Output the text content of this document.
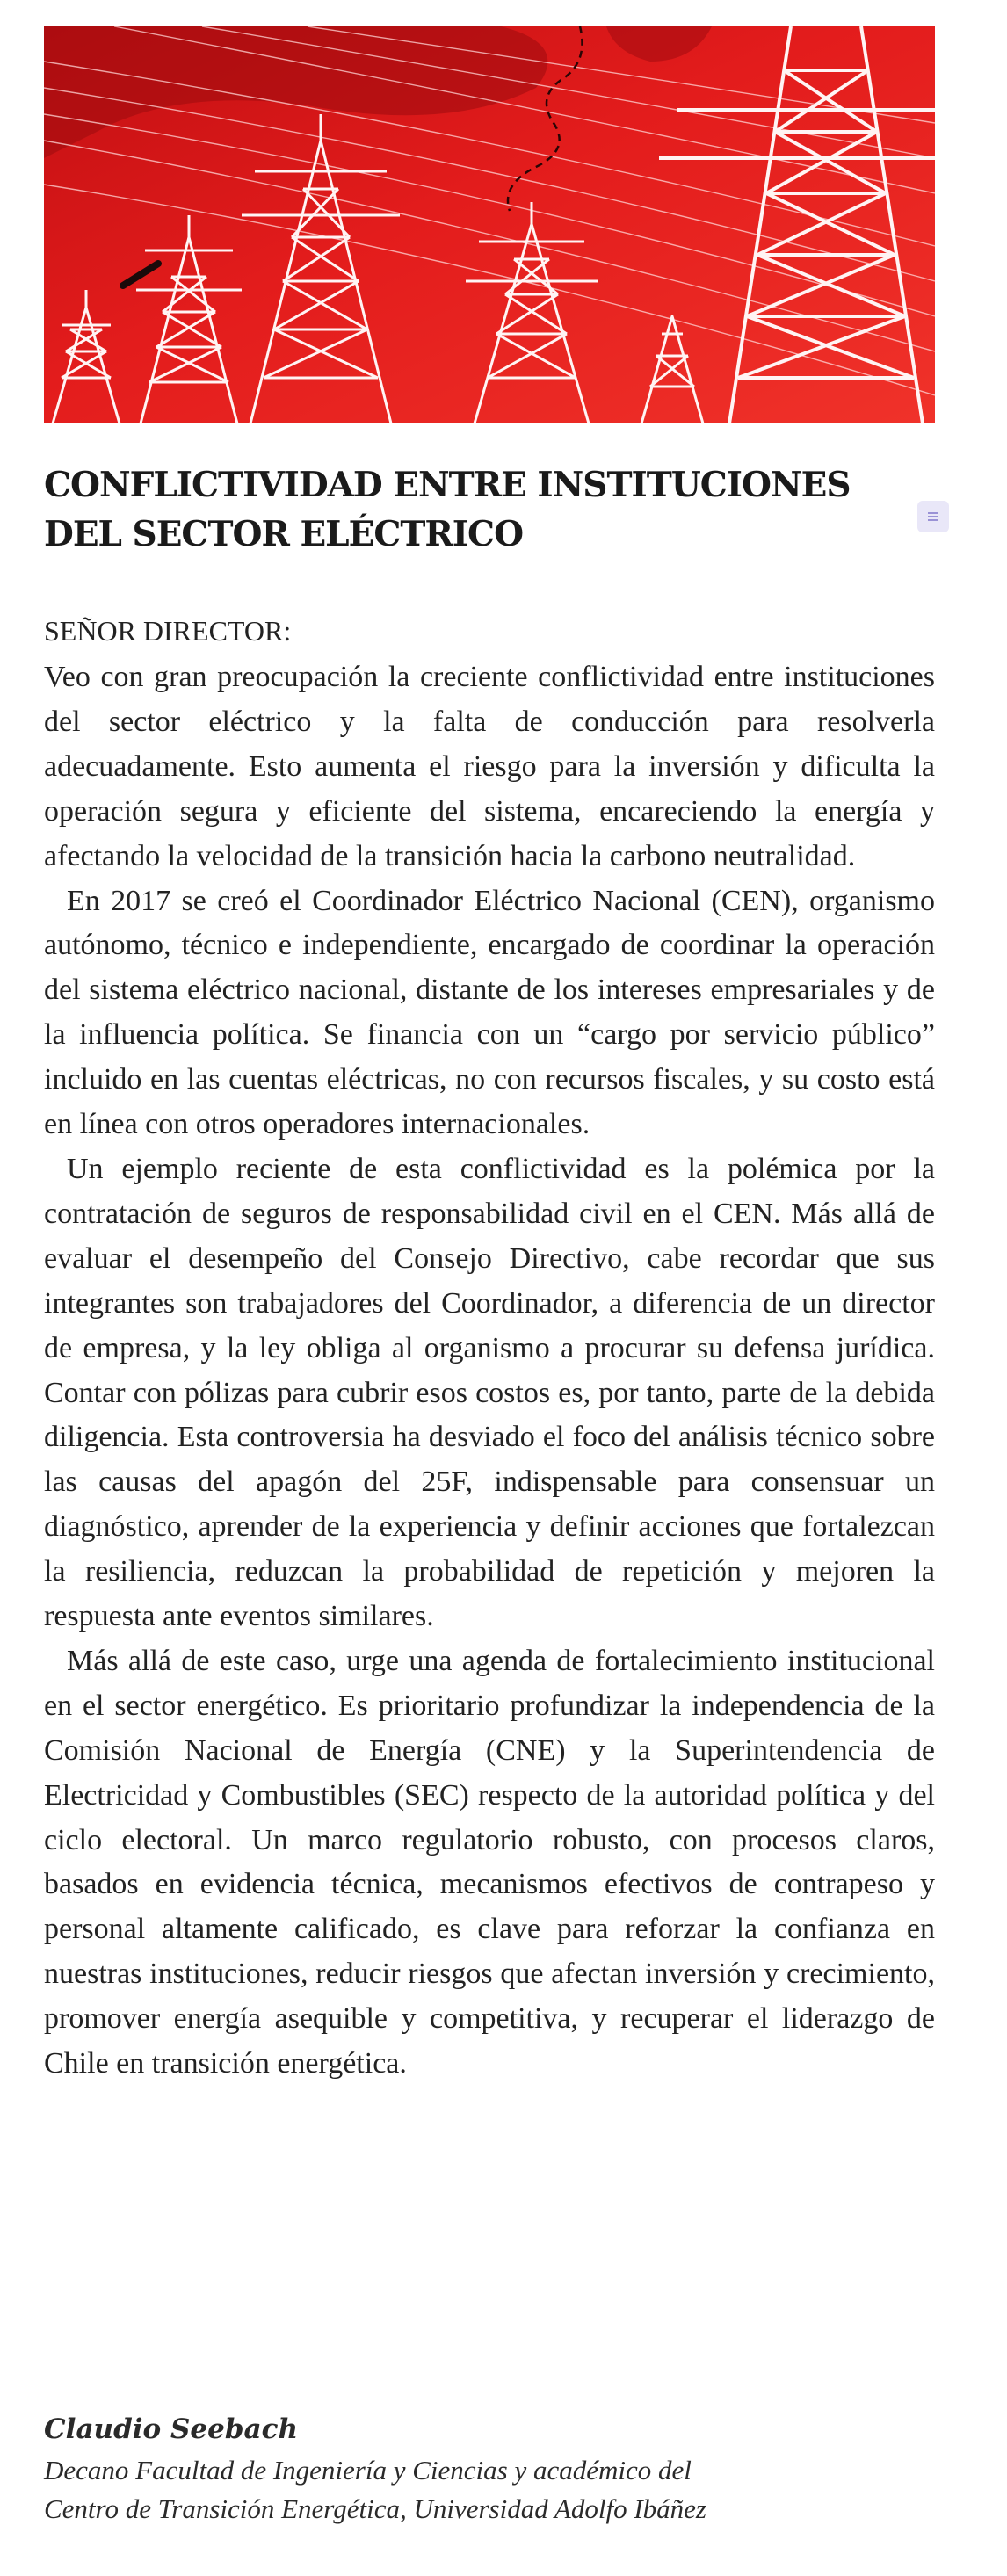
CONFLICTIVIDAD ENTRE INSTITUCIONES
DEL SECTOR ELÉCTRICO
SEÑOR DIRECTOR:

Veo con gran preocupación la creciente conflictividad entre instituciones del sector eléctrico y la falta de conducción para resolverla adecuadamente. Esto aumenta el riesgo para la inversión y dificulta la operación segura y eficiente del sistema, encareciendo la energía y afectando la velocidad de la transición hacia la carbono neutralidad.

En 2017 se creó el Coordinador Eléctrico Nacional (CEN), organismo autónomo, técnico e independiente, encargado de coordinar la operación del sistema eléctrico nacional, distante de los intereses empresariales y de la influencia política. Se financia con un “cargo por servicio público” incluido en las cuentas eléctricas, no con recursos fiscales, y su costo está en línea con otros operadores internacionales.

Un ejemplo reciente de esta conflictividad es la polémica por la contratación de seguros de responsabilidad civil en el CEN. Más allá de evaluar el desempeño del Consejo Directivo, cabe recordar que sus integrantes son trabajadores del Coordinador, a diferencia de un director de empresa, y la ley obliga al organismo a procurar su defensa jurídica. Contar con pólizas para cubrir esos costos es, por tanto, parte de la debida diligencia. Esta controversia ha desviado el foco del análisis técnico sobre las causas del apagón del 25F, indispensable para consensuar un diagnóstico, aprender de la experiencia y definir acciones que fortalezcan la resiliencia, reduzcan la probabilidad de repetición y mejoren la respuesta ante eventos similares.

Más allá de este caso, urge una agenda de fortalecimiento institucional en el sector energético. Es prioritario profundizar la independencia de la Comisión Nacional de Energía (CNE) y la Superintendencia de Electricidad y Combustibles (SEC) respecto de la autoridad política y del ciclo electoral. Un marco regulatorio robusto, con procesos claros, basados en evidencia técnica, mecanismos efectivos de contrapeso y personal altamente calificado, es clave para reforzar la confianza en nuestras instituciones, reducir riesgos que afectan inversión y crecimiento, promover energía asequible y competitiva, y recuperar el liderazgo de Chile en transición energética.

Claudio Seebach
Decano Facultad de Ingeniería y Ciencias y académico del
Centro de Transición Energética, Universidad Adolfo Ibáñez
